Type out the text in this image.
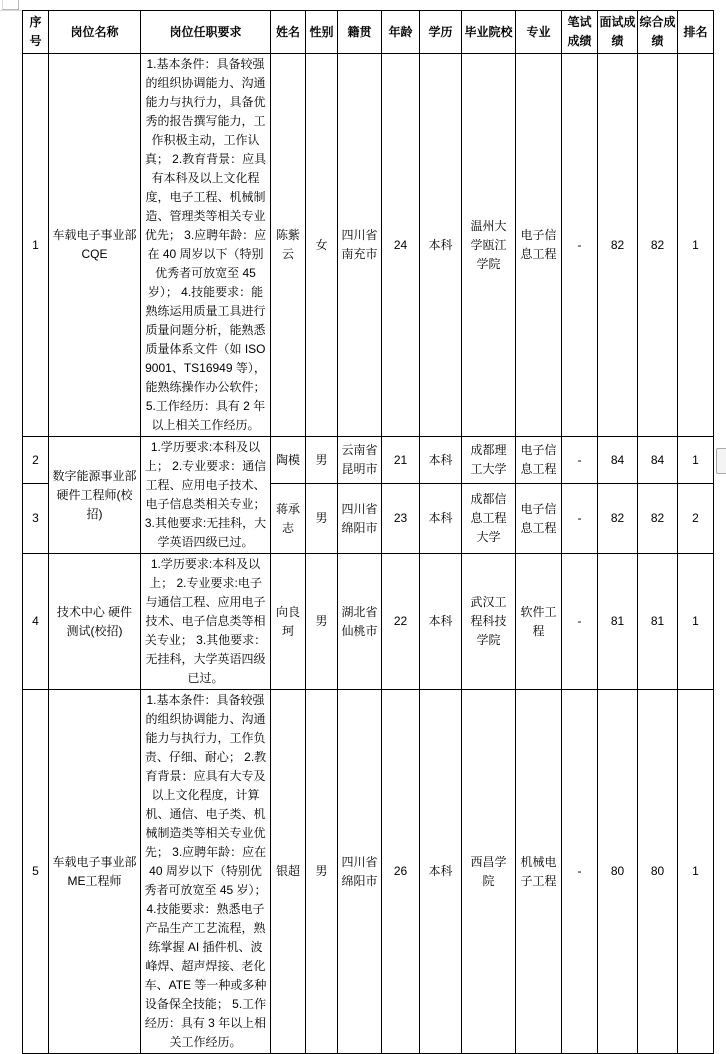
序号	岗位名称	岗位任职要求	姓名	性别	籍贯	年龄	学历	毕业院校	专业	笔试成绩	面试成绩	综合成绩	排名
1	车载电子事业部CQE	1.基本条件：具备较强的组织协调能力、沟通能力与执行力，具备优秀的报告撰写能力，工作积极主动，工作认真； 2.教育背景：应具有本科及以上文化程度，电子工程、机械制造、管理类等相关专业优先； 3.应聘年龄：应在 40 周岁以下（特别优秀者可放宽至 45 岁）； 4.技能要求：能熟练运用质量工具进行质量问题分析，能熟悉质量体系文件（如 ISO9001、TS16949 等），能熟练操作办公软件； 5.工作经历：具有 2 年以上相关工作经历。	陈紫云	女	四川省南充市	24	本科	温州大学瓯江学院	电子信息工程	-	82	82	1
2	数字能源事业部硬件工程师(校招)	1.学历要求:本科及以上； 2.专业要求：通信工程、应用电子技术、电子信息类相关专业； 3.其他要求:无挂科，大学英语四级已过。	陶模	男	云南省昆明市	21	本科	成都理工大学	电子信息工程	-	84	84	1
3			蒋承志	男	四川省绵阳市	23	本科	成都信息工程大学	电子信息工程	-	82	82	2
4	技术中心 硬件测试(校招)	1.学历要求:本科及以上； 2.专业要求:电子与通信工程、应用电子技术、电子信息类等相关专业； 3.其他要求：无挂科，大学英语四级已过。	向良珂	男	湖北省仙桃市	22	本科	武汉工程科技学院	软件工程	-	81	81	1
5	车载电子事业部ME工程师	1.基本条件：具备较强的组织协调能力、沟通能力与执行力，工作负责、仔细、耐心； 2.教育背景：应具有大专及以上文化程度，计算机、通信、电子类、机械制造类等相关专业优先； 3.应聘年龄：应在 40 周岁以下（特别优秀者可放宽至 45 岁）； 4.技能要求：熟悉电子产品生产工艺流程，熟练掌握 AI 插件机、波峰焊、超声焊接、老化车、ATE 等一种或多种设备保全技能； 5.工作经历：具有 3 年以上相关工作经历。	银超	男	四川省绵阳市	26	本科	西昌学院	机械电子工程	-	80	80	1
